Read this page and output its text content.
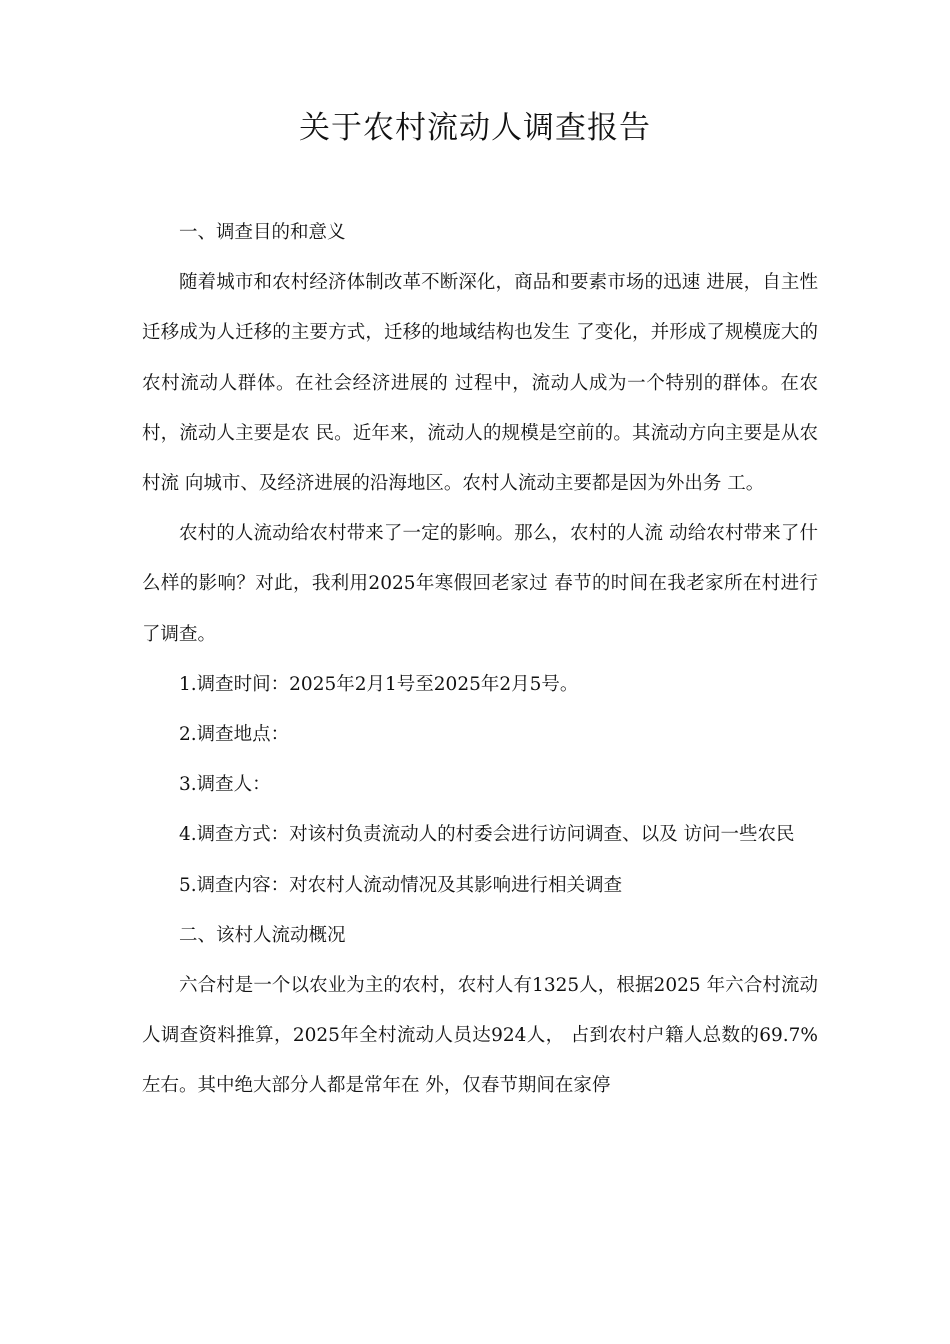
关于农村流动人调查报告

一、调查目的和意义

随着城市和农村经济体制改革不断深化，商品和要素市场的迅速 进展，自主性迁移成为人迁移的主要方式，迁移的地域结构也发生 了变化，并形成了规模庞大的农村流动人群体。在社会经济进展的 过程中，流动人成为一个特别的群体。在农村，流动人主要是农 民。近年来，流动人的规模是空前的。其流动方向主要是从农村流 向城市、及经济进展的沿海地区。农村人流动主要都是因为外出务 工。

农村的人流动给农村带来了一定的影响。那么，农村的人流 动给农村带来了什么样的影响？对此，我利用2025年寒假回老家过 春节的时间在我老家所在村进行了调查。

1.调查时间：2025年2月1号至2025年2月5号。

2.调查地点：

3.调查人：

4.调查方式：对该村负责流动人的村委会进行访问调查、以及 访问一些农民

5.调查内容：对农村人流动情况及其影响进行相关调查

二、该村人流动概况

六合村是一个以农业为主的农村，农村人有1325人，根据2025 年六合村流动人调查资料推算，2025年全村流动人员达924人， 占到农村户籍人总数的69.7%左右。其中绝大部分人都是常年在 外，仅春节期间在家停
